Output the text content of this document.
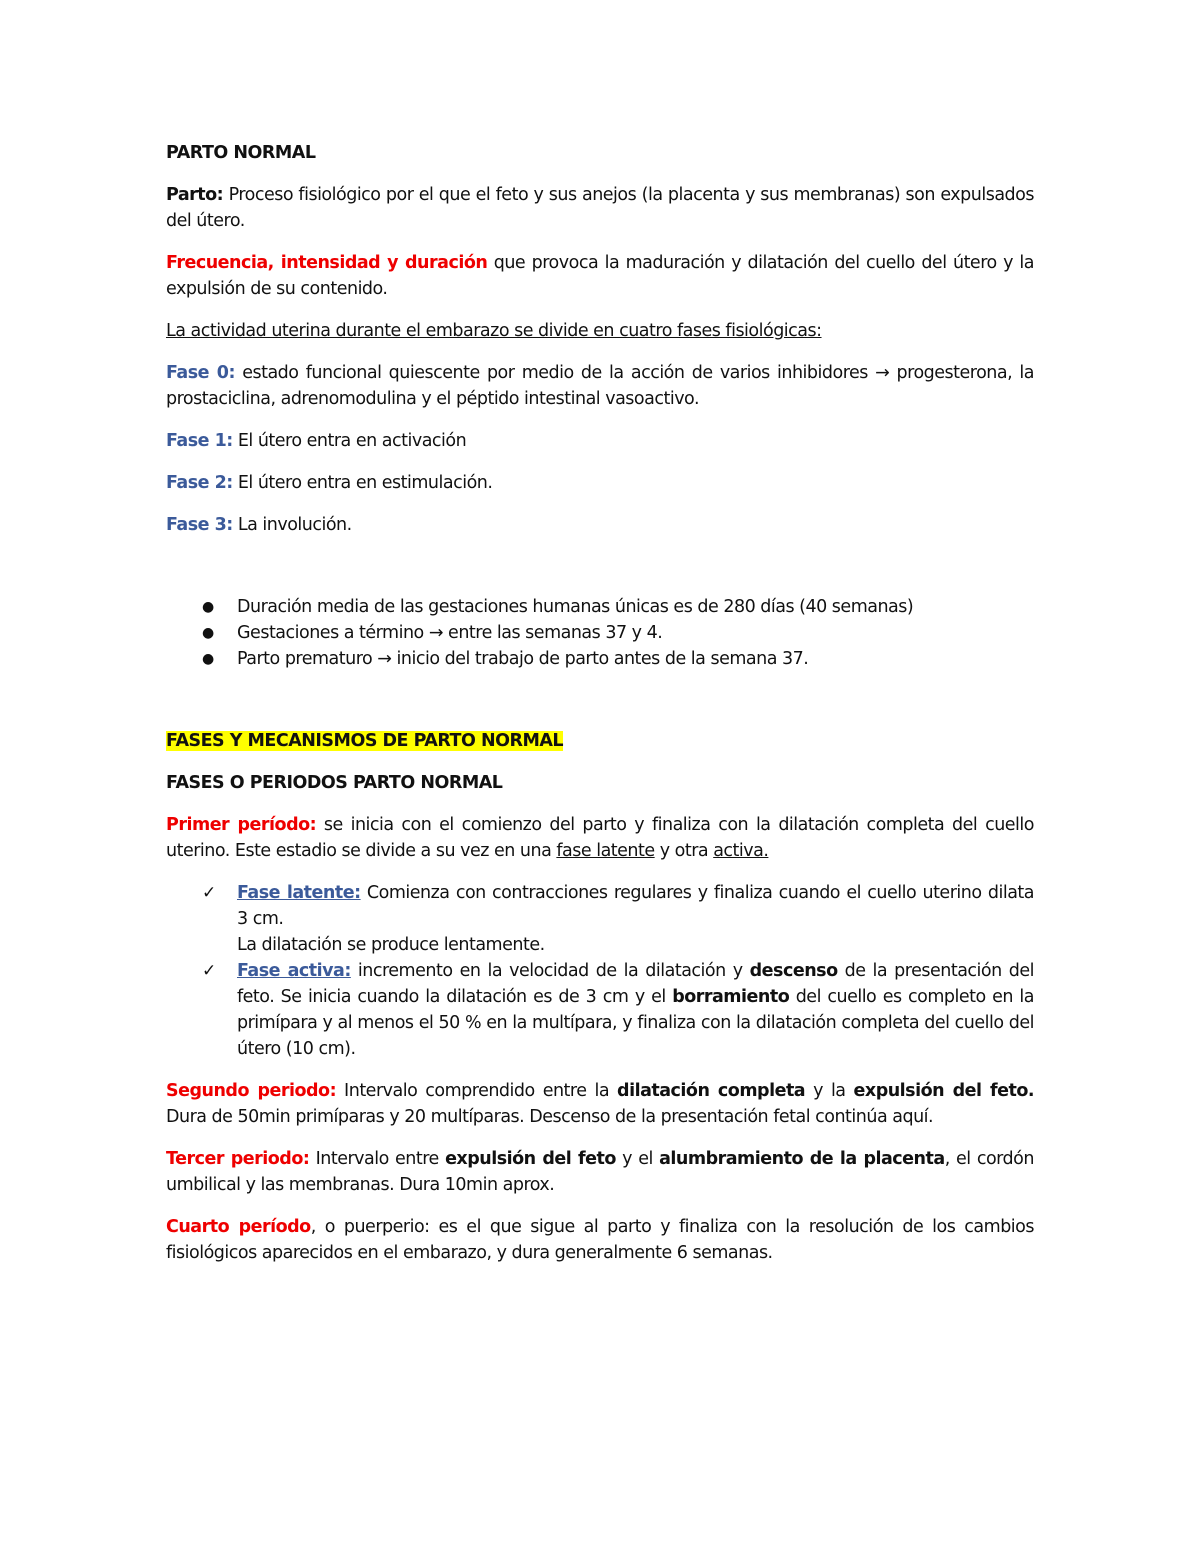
PARTO NORMAL

Parto: Proceso fisiológico por el que el feto y sus anejos (la placenta y sus membranas) son expulsados del útero.

Frecuencia, intensidad y duración que provoca la maduración y dilatación del cuello del útero y la expulsión de su contenido.

La actividad uterina durante el embarazo se divide en cuatro fases fisiológicas:

Fase 0: estado funcional quiescente por medio de la acción de varios inhibidores → progesterona, la prostaciclina, adrenomodulina y el péptido intestinal vasoactivo.

Fase 1: El útero entra en activación

Fase 2: El útero entra en estimulación.

Fase 3: La involución.

● Duración media de las gestaciones humanas únicas es de 280 días (40 semanas)
● Gestaciones a término → entre las semanas 37 y 4.
● Parto prematuro → inicio del trabajo de parto antes de la semana 37.

FASES Y MECANISMOS DE PARTO NORMAL

FASES O PERIODOS PARTO NORMAL

Primer período: se inicia con el comienzo del parto y finaliza con la dilatación completa del cuello uterino. Este estadio se divide a su vez en una fase latente y otra activa.

✓ Fase latente: Comienza con contracciones regulares y finaliza cuando el cuello uterino dilata 3 cm.
La dilatación se produce lentamente.
✓ Fase activa: incremento en la velocidad de la dilatación y descenso de la presentación del feto. Se inicia cuando la dilatación es de 3 cm y el borramiento del cuello es completo en la primípara y al menos el 50 % en la multípara, y finaliza con la dilatación completa del cuello del útero (10 cm).

Segundo periodo: Intervalo comprendido entre la dilatación completa y la expulsión del feto. Dura de 50min primíparas y 20 multíparas. Descenso de la presentación fetal continúa aquí.

Tercer periodo: Intervalo entre expulsión del feto y el alumbramiento de la placenta, el cordón umbilical y las membranas. Dura 10min aprox.

Cuarto período, o puerperio: es el que sigue al parto y finaliza con la resolución de los cambios fisiológicos aparecidos en el embarazo, y dura generalmente 6 semanas.
